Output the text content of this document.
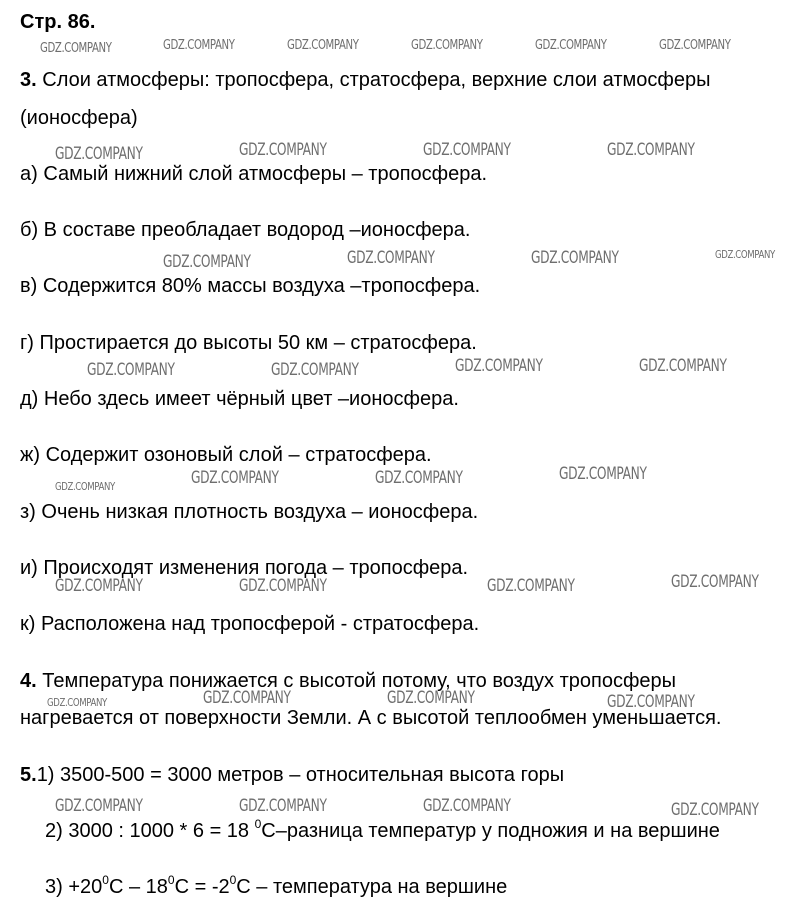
Стр. 86.
3. Слои атмосферы: тропосфера, стратосфера, верхние слои атмосферы
(ионосфера)
а) Самый нижний слой атмосферы – тропосфера.
б) В составе преобладает водород –ионосфера.
в) Содержится 80% массы воздуха –тропосфера.
г) Простирается до высоты 50 км – стратосфера.
д) Небо здесь имеет чёрный цвет –ионосфера.
ж) Содержит озоновый слой – стратосфера.
з) Очень низкая плотность воздуха – ионосфера.
и) Происходят изменения погода – тропосфера.
к) Расположена над тропосферой - стратосфера.
4. Температура понижается с высотой потому, что воздух тропосферы
нагревается от поверхности Земли. А с высотой теплообмен уменьшается.
5.1) 3500-500 = 3000 метров – относительная высота горы
2) 3000 : 1000 * 6 = 18 $^0$C–разница температур у подножия и на вершине
$3) +20^0C - 18^0C = -2^0C$ – температура на вершине
GDZ.COMPANY	GDZ.COMPANY	GDZ.COMPANY	GDZ.COMPANY	GDZ.COMPANY	GDZ.COMPANY
GDZ.COMPANY	GDZ.COMPANY	GDZ.COMPANY	GDZ.COMPANY
GDZ.COMPANY	GDZ.COMPANY	GDZ.COMPANY	GDZ.COMPANY
GDZ.COMPANY	GDZ.COMPANY	GDZ.COMPANY	GDZ.COMPANY
GDZ.COMPANY	GDZ.COMPANY	GDZ.COMPANY	GDZ.COMPANY
GDZ.COMPANY	GDZ.COMPANY	GDZ.COMPANY	GDZ.COMPANY
GDZ.COMPANY	GDZ.COMPANY	GDZ.COMPANY	GDZ.COMPANY
GDZ.COMPANY	GDZ.COMPANY	GDZ.COMPANY	GDZ.COMPANY
